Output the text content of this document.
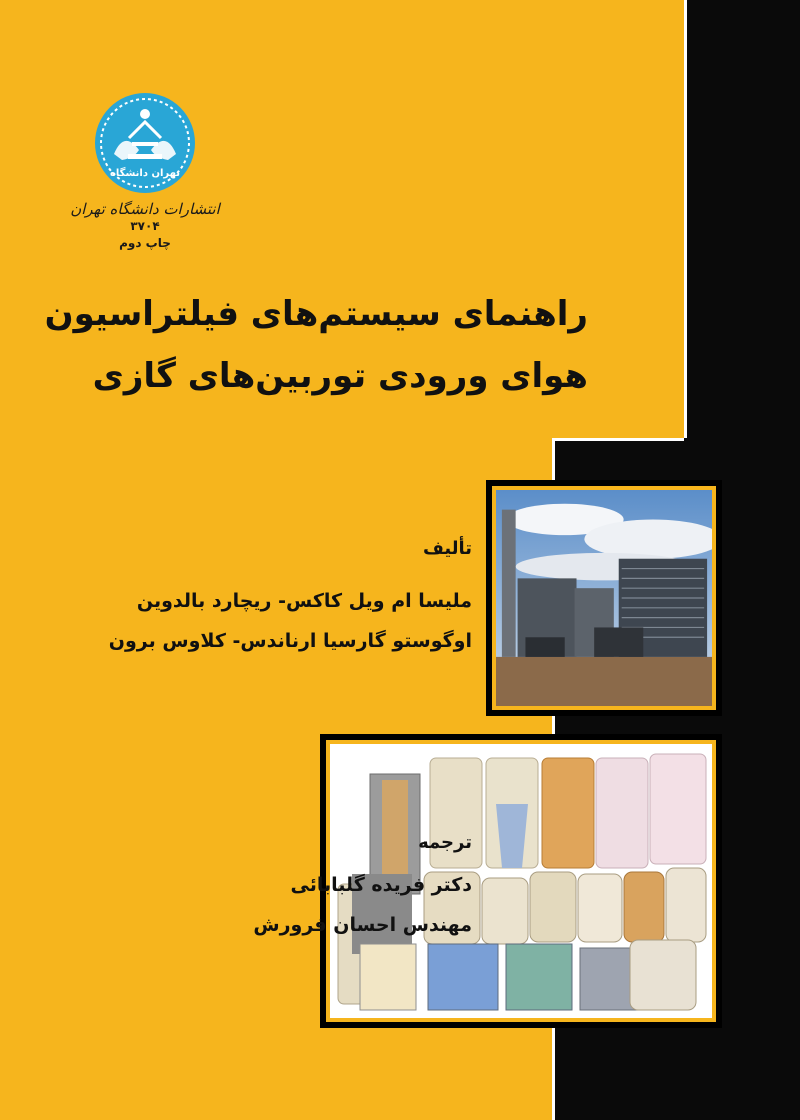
تهران دانشگاه
انتشارات دانشگاه تهران
۳۷۰۴
چاپ دوم
راهنمای سیستم‌های فیلتراسیون
هوای ورودی توربین‌های گازی
تألیف
ملیسا ام ویل کاکس- ریچارد بالدوین
اوگوستو گارسیا ارناندس- کلاوس برون
ترجمه
دکتر فریده گلبابائی
مهندس احسان فرورش
